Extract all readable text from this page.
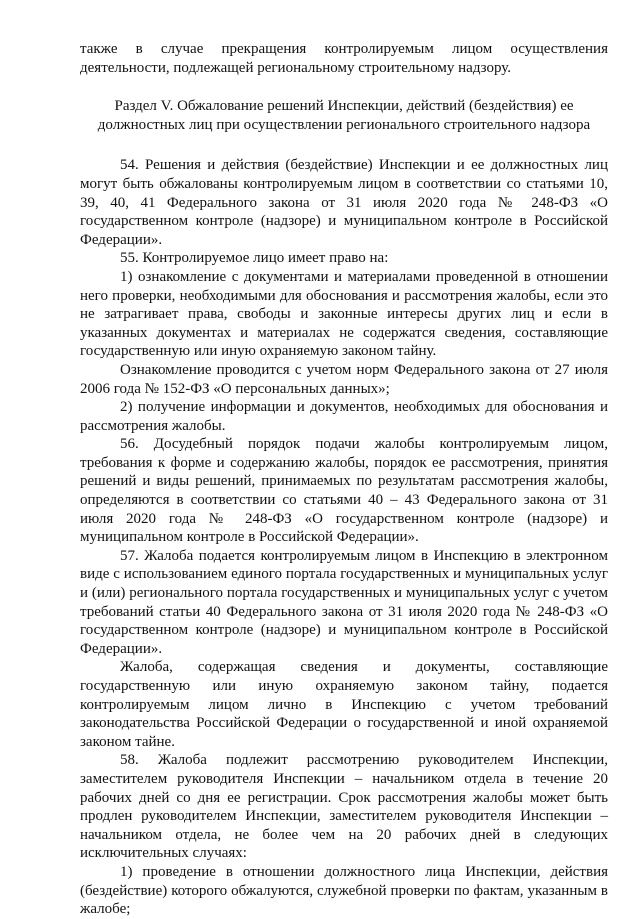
также в случае прекращения контролируемым лицом осуществления деятельности, подлежащей региональному строительному надзору.

Раздел V. Обжалование решений Инспекции, действий (бездействия) ее
должностных лиц при осуществлении регионального строительного надзора

54. Решения и действия (бездействие) Инспекции и ее должностных лиц могут быть обжалованы контролируемым лицом в соответствии со статьями 10, 39, 40, 41 Федерального закона от 31 июля 2020 года № 248-ФЗ «О государственном контроле (надзоре) и муниципальном контроле в Российской Федерации».

55. Контролируемое лицо имеет право на:

1) ознакомление с документами и материалами проведенной в отношении него проверки, необходимыми для обоснования и рассмотрения жалобы, если это не затрагивает права, свободы и законные интересы других лиц и если в указанных документах и материалах не содержатся сведения, составляющие государственную или иную охраняемую законом тайну.

Ознакомление проводится с учетом норм Федерального закона от 27 июля 2006 года № 152-ФЗ «О персональных данных»;

2) получение информации и документов, необходимых для обоснования и рассмотрения жалобы.

56. Досудебный порядок подачи жалобы контролируемым лицом, требования к форме и содержанию жалобы, порядок ее рассмотрения, принятия решений и виды решений, принимаемых по результатам рассмотрения жалобы, определяются в соответствии со статьями 40 – 43 Федерального закона от 31 июля 2020 года № 248-ФЗ «О государственном контроле (надзоре) и муниципальном контроле в Российской Федерации».

57. Жалоба подается контролируемым лицом в Инспекцию в электронном виде с использованием единого портала государственных и муниципальных услуг и (или) регионального портала государственных и муниципальных услуг с учетом требований статьи 40 Федерального закона от 31 июля 2020 года № 248-ФЗ «О государственном контроле (надзоре) и муниципальном контроле в Российской Федерации».

Жалоба, содержащая сведения и документы, составляющие государственную или иную охраняемую законом тайну, подается контролируемым лицом лично в Инспекцию с учетом требований законодательства Российской Федерации о государственной и иной охраняемой законом тайне.

58. Жалоба подлежит рассмотрению руководителем Инспекции, заместителем руководителя Инспекции – начальником отдела в течение 20 рабочих дней со дня ее регистрации. Срок рассмотрения жалобы может быть продлен руководителем Инспекции, заместителем руководителя Инспекции – начальником отдела, не более чем на 20 рабочих дней в следующих исключительных случаях:

1) проведение в отношении должностного лица Инспекции, действия (бездействие) которого обжалуются, служебной проверки по фактам, указанным в жалобе;
